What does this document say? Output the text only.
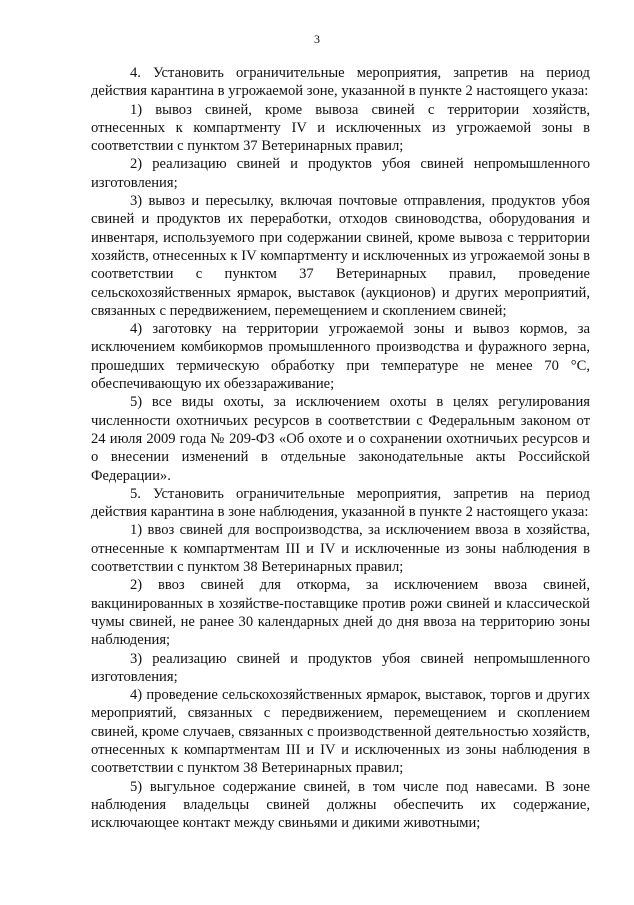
3

4. Установить ограничительные мероприятия, запретив на период действия карантина в угрожаемой зоне, указанной в пункте 2 настоящего указа:

1) вывоз свиней, кроме вывоза свиней с территории хозяйств, отнесенных к компартменту IV и исключенных из угрожаемой зоны в соответствии с пунктом 37 Ветеринарных правил;

2) реализацию свиней и продуктов убоя свиней непромышленного изготовления;

3) вывоз и пересылку, включая почтовые отправления, продуктов убоя свиней и продуктов их переработки, отходов свиноводства, оборудования и инвентаря, используемого при содержании свиней, кроме вывоза с территории хозяйств, отнесенных к IV компартменту и исключенных из угрожаемой зоны в соответствии с пунктом 37 Ветеринарных правил, проведение сельскохозяйственных ярмарок, выставок (аукционов) и других мероприятий, связанных с передвижением, перемещением и скоплением свиней;

4) заготовку на территории угрожаемой зоны и вывоз кормов, за исключением комбикормов промышленного производства и фуражного зерна, прошедших термическую обработку при температуре не менее 70 °С, обеспечивающую их обеззараживание;

5) все виды охоты, за исключением охоты в целях регулирования численности охотничьих ресурсов в соответствии с Федеральным законом от 24 июля 2009 года № 209-ФЗ «Об охоте и о сохранении охотничьих ресурсов и о внесении изменений в отдельные законодательные акты Российской Федерации».

5. Установить ограничительные мероприятия, запретив на период действия карантина в зоне наблюдения, указанной в пункте 2 настоящего указа:

1) ввоз свиней для воспроизводства, за исключением ввоза в хозяйства, отнесенные к компартментам III и IV и исключенные из зоны наблюдения в соответствии с пунктом 38 Ветеринарных правил;

2) ввоз свиней для откорма, за исключением ввоза свиней, вакцинированных в хозяйстве-поставщике против рожи свиней и классической чумы свиней, не ранее 30 календарных дней до дня ввоза на территорию зоны наблюдения;

3) реализацию свиней и продуктов убоя свиней непромышленного изготовления;

4) проведение сельскохозяйственных ярмарок, выставок, торгов и других мероприятий, связанных с передвижением, перемещением и скоплением свиней, кроме случаев, связанных с производственной деятельностью хозяйств, отнесенных к компартментам III и IV и исключенных из зоны наблюдения в соответствии с пунктом 38 Ветеринарных правил;

5) выгульное содержание свиней, в том числе под навесами. В зоне наблюдения владельцы свиней должны обеспечить их содержание, исключающее контакт между свиньями и дикими животными;
